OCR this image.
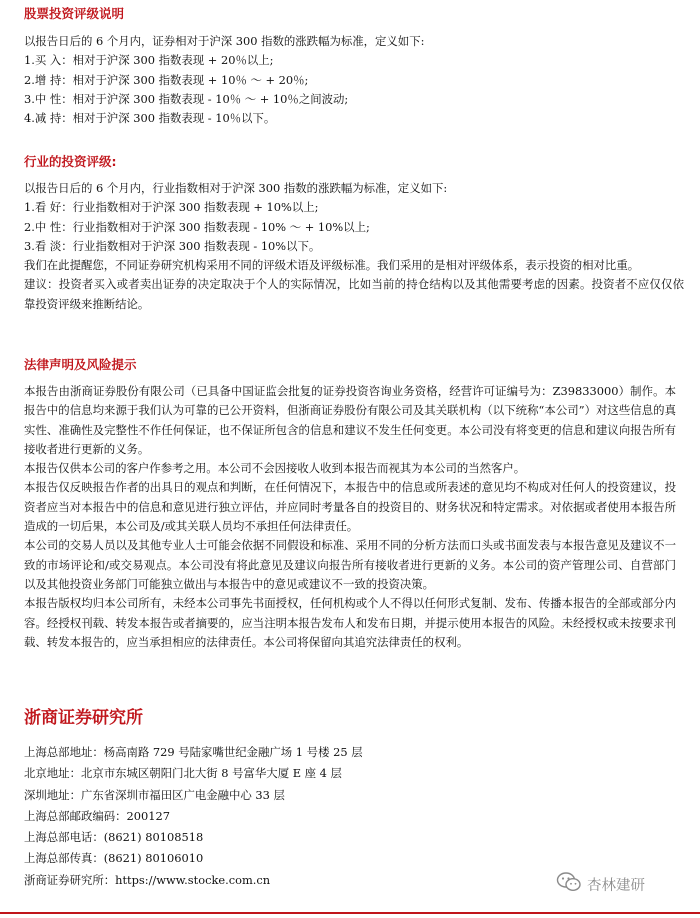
股票投资评级说明

以报告日后的 6 个月内，证券相对于沪深 300 指数的涨跌幅为标准，定义如下:

1.买 入：相对于沪深 300 指数表现 + 20％以上;

2.增 持：相对于沪深 300 指数表现 + 10％ ～ + 20％;

3.中 性：相对于沪深 300 指数表现 - 10％ ～ + 10％之间波动;

4.减 持：相对于沪深 300 指数表现 - 10％以下。

行业的投资评级:

以报告日后的 6 个月内，行业指数相对于沪深 300 指数的涨跌幅为标准，定义如下:

1.看 好：行业指数相对于沪深 300 指数表现 + 10%以上;

2.中 性：行业指数相对于沪深 300 指数表现 - 10% ～ + 10%以上;

3.看 淡：行业指数相对于沪深 300 指数表现 - 10%以下。

我们在此提醒您，不同证券研究机构采用不同的评级术语及评级标准。我们采用的是相对评级体系，表示投资的相对比重。

建议：投资者买入或者卖出证券的决定取决于个人的实际情况，比如当前的持仓结构以及其他需要考虑的因素。投资者不应仅仅依靠投资评级来推断结论。

法律声明及风险提示

本报告由浙商证券股份有限公司（已具备中国证监会批复的证券投资咨询业务资格，经营许可证编号为：Z39833000）制作。本报告中的信息均来源于我们认为可靠的已公开资料，但浙商证券股份有限公司及其关联机构（以下统称“本公司”）对这些信息的真实性、准确性及完整性不作任何保证，也不保证所包含的信息和建议不发生任何变更。本公司没有将变更的信息和建议向报告所有接收者进行更新的义务。

本报告仅供本公司的客户作参考之用。本公司不会因接收人收到本报告而视其为本公司的当然客户。

本报告仅反映报告作者的出具日的观点和判断，在任何情况下，本报告中的信息或所表述的意见均不构成对任何人的投资建议，投资者应当对本报告中的信息和意见进行独立评估，并应同时考量各自的投资目的、财务状况和特定需求。对依据或者使用本报告所造成的一切后果，本公司及/或其关联人员均不承担任何法律责任。

本公司的交易人员以及其他专业人士可能会依据不同假设和标准、采用不同的分析方法而口头或书面发表与本报告意见及建议不一致的市场评论和/或交易观点。本公司没有将此意见及建议向报告所有接收者进行更新的义务。本公司的资产管理公司、自营部门以及其他投资业务部门可能独立做出与本报告中的意见或建议不一致的投资决策。

本报告版权均归本公司所有，未经本公司事先书面授权，任何机构或个人不得以任何形式复制、发布、传播本报告的全部或部分内容。经授权刊载、转发本报告或者摘要的，应当注明本报告发布人和发布日期，并提示使用本报告的风险。未经授权或未按要求刊载、转发本报告的，应当承担相应的法律责任。本公司将保留向其追究法律责任的权利。

浙商证券研究所

上海总部地址：杨高南路 729 号陆家嘴世纪金融广场 1 号楼 25 层

北京地址：北京市东城区朝阳门北大街 8 号富华大厦 E 座 4 层

深圳地址：广东省深圳市福田区广电金融中心 33 层

上海总部邮政编码：200127

上海总部电话：(8621) 80108518

上海总部传真：(8621) 80106010

浙商证券研究所：https://www.stocke.com.cn	杏林建研
